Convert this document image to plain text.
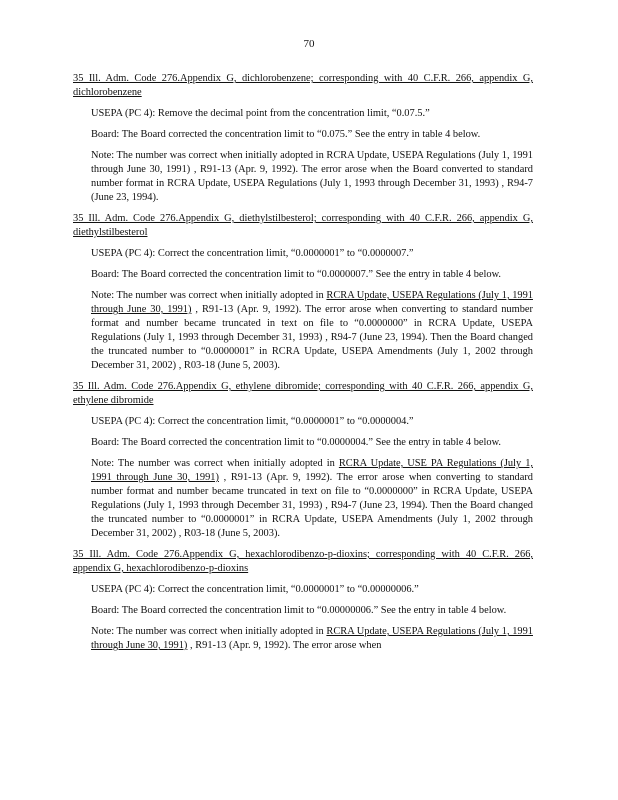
70
35 Ill. Adm. Code 276.Appendix G, dichlorobenzene; corresponding with 40 C.F.R. 266, appendix G, dichlorobenzene
USEPA (PC 4): Remove the decimal point from the concentration limit, “0.07.5.”
Board: The Board corrected the concentration limit to “0.075.” See the entry in table 4 below.
Note: The number was correct when initially adopted in RCRA Update, USEPA Regulations (July 1, 1991 through June 30, 1991) , R91-13 (Apr. 9, 1992). The error arose when the Board converted to standard number format in RCRA Update, USEPA Regulations (July 1, 1993 through December 31, 1993) , R94-7 (June 23, 1994).
35 Ill. Adm. Code 276.Appendix G, diethylstilbesterol; corresponding with 40 C.F.R. 266, appendix G, diethylstilbesterol
USEPA (PC 4): Correct the concentration limit, “0.0000001” to “0.0000007.”
Board: The Board corrected the concentration limit to “0.0000007.” See the entry in table 4 below.
Note: The number was correct when initially adopted in RCRA Update, USEPA Regulations (July 1, 1991 through June 30, 1991) , R91-13 (Apr. 9, 1992). The error arose when converting to standard number format and number became truncated in text on file to “0.0000000” in RCRA Update, USEPA Regulations (July 1, 1993 through December 31, 1993) , R94-7 (June 23, 1994). Then the Board changed the truncated number to “0.0000001” in RCRA Update, USEPA Amendments (July 1, 2002 through December 31, 2002) , R03-18 (June 5, 2003).
35 Ill. Adm. Code 276.Appendix G, ethylene dibromide; corresponding with 40 C.F.R. 266, appendix G, ethylene dibromide
USEPA (PC 4): Correct the concentration limit, “0.0000001” to “0.0000004.”
Board: The Board corrected the concentration limit to “0.0000004.” See the entry in table 4 below.
Note: The number was correct when initially adopted in RCRA Update, USE PA Regulations (July 1, 1991 through June 30, 1991) , R91-13 (Apr. 9, 1992). The error arose when converting to standard number format and number became truncated in text on file to “0.0000000” in RCRA Update, USEPA Regulations (July 1, 1993 through December 31, 1993) , R94-7 (June 23, 1994). Then the Board changed the truncated number to “0.0000001” in RCRA Update, USEPA Amendments (July 1, 2002 through December 31, 2002) , R03-18 (June 5, 2003).
35 Ill. Adm. Code 276.Appendix G, hexachlorodibenzo-p-dioxins; corresponding with 40 C.F.R. 266, appendix G, hexachlorodibenzo-p-dioxins
USEPA (PC 4): Correct the concentration limit, “0.0000001” to “0.00000006.”
Board: The Board corrected the concentration limit to “0.00000006.” See the entry in table 4 below.
Note: The number was correct when initially adopted in RCRA Update, USEPA Regulations (July 1, 1991 through June 30, 1991) , R91-13 (Apr. 9, 1992). The error arose when
